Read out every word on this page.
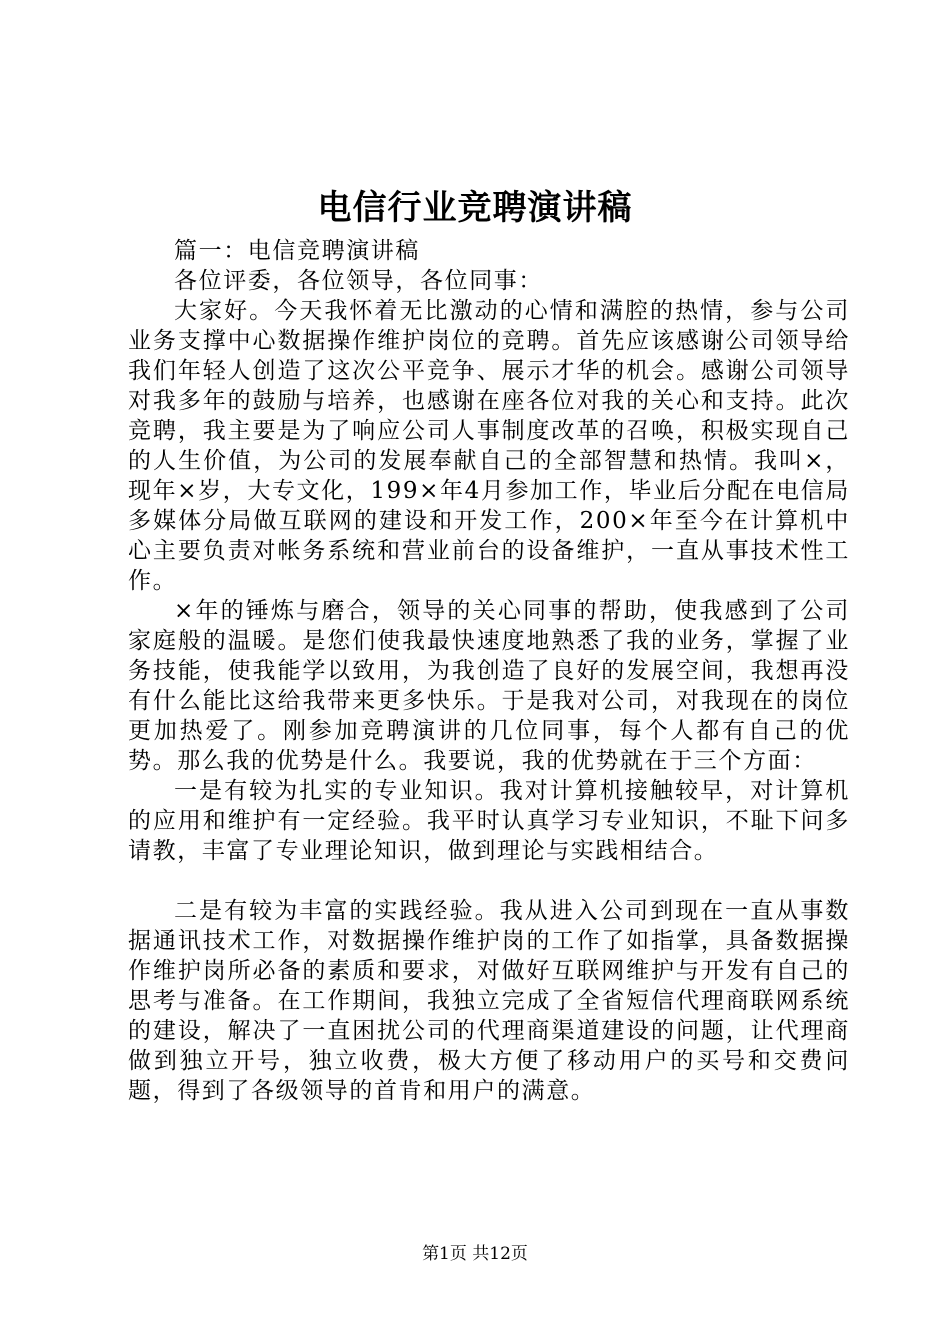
电信行业竞聘演讲稿

篇一：电信竞聘演讲稿

各位评委，各位领导，各位同事：

大家好。今天我怀着无比激动的心情和满腔的热情，参与公司业务支撑中心数据操作维护岗位的竞聘。首先应该感谢公司领导给我们年轻人创造了这次公平竞争、展示才华的机会。感谢公司领导对我多年的鼓励与培养，也感谢在座各位对我的关心和支持。此次竞聘，我主要是为了响应公司人事制度改革的召唤，积极实现自己的人生价值，为公司的发展奉献自己的全部智慧和热情。我叫×，现年×岁，大专文化，199×年4月参加工作，毕业后分配在电信局多媒体分局做互联网的建设和开发工作，200×年至今在计算机中心主要负责对帐务系统和营业前台的设备维护，一直从事技术性工作。

×年的锤炼与磨合，领导的关心同事的帮助，使我感到了公司家庭般的温暖。是您们使我最快速度地熟悉了我的业务，掌握了业务技能，使我能学以致用，为我创造了良好的发展空间，我想再没有什么能比这给我带来更多快乐。于是我对公司，对我现在的岗位更加热爱了。刚参加竞聘演讲的几位同事，每个人都有自己的优势。那么我的优势是什么。我要说，我的优势就在于三个方面：

一是有较为扎实的专业知识。我对计算机接触较早，对计算机的应用和维护有一定经验。我平时认真学习专业知识，不耻下问多请教，丰富了专业理论知识，做到理论与实践相结合。

二是有较为丰富的实践经验。我从进入公司到现在一直从事数据通讯技术工作，对数据操作维护岗的工作了如指掌，具备数据操作维护岗所必备的素质和要求，对做好互联网维护与开发有自己的思考与准备。在工作期间，我独立完成了全省短信代理商联网系统的建设，解决了一直困扰公司的代理商渠道建设的问题，让代理商做到独立开号，独立收费，极大方便了移动用户的买号和交费问题，得到了各级领导的首肯和用户的满意。

第1页 共12页
